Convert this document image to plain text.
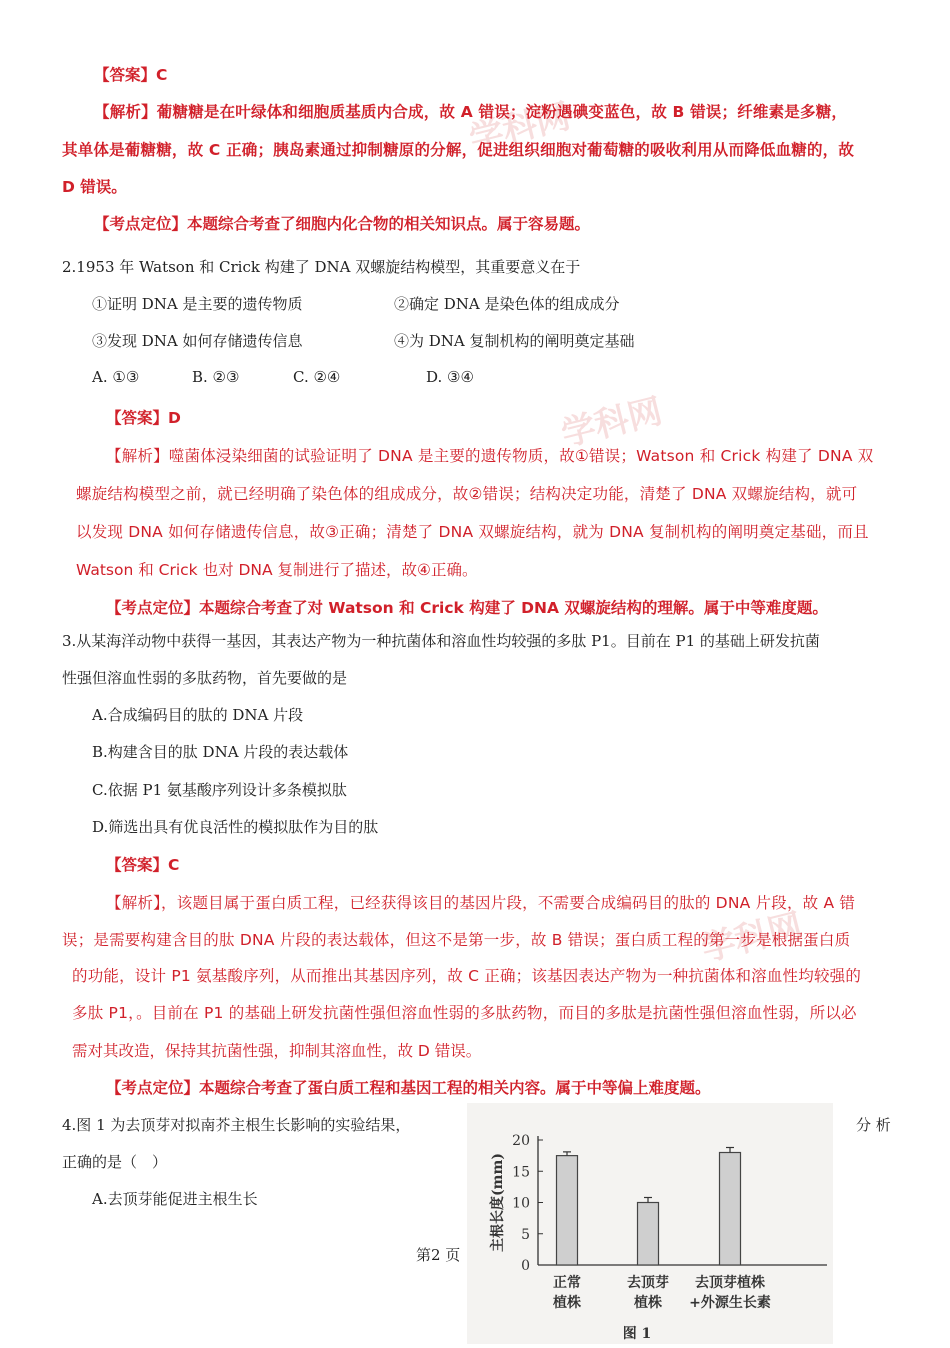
学科网
学科网
学科网
【答案】C
【解析】葡糖糖是在叶绿体和细胞质基质内合成，故 A 错误；淀粉遇碘变蓝色，故 B 错误；纤维素是多糖，
其单体是葡糖糖，故 C 正确；胰岛素通过抑制糖原的分解，促进组织细胞对葡萄糖的吸收利用从而降低血糖的，故
D 错误。
【考点定位】本题综合考查了细胞内化合物的相关知识点。属于容易题。
2.1953 年 Watson 和 Crick 构建了 DNA 双螺旋结构模型，其重要意义在于
①证明 DNA 是主要的遗传物质	②确定 DNA 是染色体的组成成分
③发现 DNA 如何存储遗传信息	④为 DNA 复制机构的阐明奠定基础
A. ①③	B. ②③	C. ②④	D. ③④
【答案】D
【解析】噬菌体浸染细菌的试验证明了 DNA 是主要的遗传物质，故①错误；Watson 和 Crick 构建了 DNA 双
螺旋结构模型之前，就已经明确了染色体的组成成分，故②错误；结构决定功能，清楚了 DNA 双螺旋结构，就可
以发现 DNA 如何存储遗传信息，故③正确；清楚了 DNA 双螺旋结构，就为 DNA 复制机构的阐明奠定基础，而且
Watson 和 Crick 也对 DNA 复制进行了描述，故④正确。
【考点定位】本题综合考查了对 Watson 和 Crick 构建了 DNA 双螺旋结构的理解。属于中等难度题。
3.从某海洋动物中获得一基因，其表达产物为一种抗菌体和溶血性均较强的多肽 P1。目前在 P1 的基础上研发抗菌
性强但溶血性弱的多肽药物，首先要做的是
A.合成编码目的肽的 DNA 片段
B.构建含目的肽 DNA 片段的表达载体
C.依据 P1 氨基酸序列设计多条模拟肽
D.筛选出具有优良活性的模拟肽作为目的肽
【答案】C
【解析】，该题目属于蛋白质工程，已经获得该目的基因片段，不需要合成编码目的肽的 DNA 片段，故 A 错
误；是需要构建含目的肽 DNA 片段的表达载体，但这不是第一步，故 B 错误；蛋白质工程的第一步是根据蛋白质
的功能，设计 P1 氨基酸序列，从而推出其基因序列，故 C 正确；该基因表达产物为一种抗菌体和溶血性均较强的
多肽 P1，。目前在 P1 的基础上研发抗菌性强但溶血性弱的多肽药物，而目的多肽是抗菌性强但溶血性弱，所以必
需对其改造，保持其抗菌性强，抑制其溶血性，故 D 错误。
【考点定位】本题综合考查了蛋白质工程和基因工程的相关内容。属于中等偏上难度题。
4.图 1 为去顶芽对拟南芥主根生长影响的实验结果，	分 析
正确的是（　）
A.去顶芽能促进主根生长
0
5
10
15
20
主根长度(mm)
正常
植株
去顶芽
植株
去顶芽植株
+外源生长素
图 1
第2 页
